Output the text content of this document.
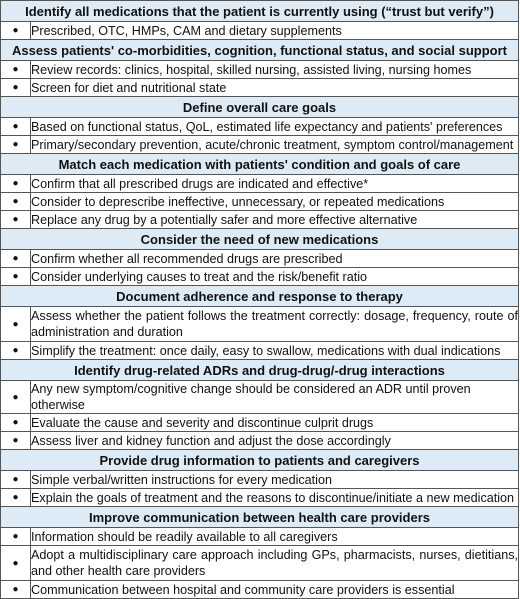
Identify all medications that the patient is currently using (“trust but verify”)	
●	Prescribed, OTC, HMPs, CAM and dietary supplements
Assess patients' co-morbidities, cognition, functional status, and social support	
●	Review records: clinics, hospital, skilled nursing, assisted living, nursing homes
●	Screen for diet and nutritional state
Define overall care goals	
●	Based on functional status, QoL, estimated life expectancy and patients' preferences
●	Primary/secondary prevention, acute/chronic treatment, symptom control/management
Match each medication with patients' condition and goals of care	
●	Confirm that all prescribed drugs are indicated and effective*
●	Consider to deprescribe ineffective, unnecessary, or repeated medications
●	Replace any drug by a potentially safer and more effective alternative
Consider the need of new medications	
●	Confirm whether all recommended drugs are prescribed
●	Consider underlying causes to treat and the risk/benefit ratio
Document adherence and response to therapy	
●	Assess whether the patient follows the treatment correctly: dosage, frequency, route of administration and duration
●	Simplify the treatment: once daily, easy to swallow, medications with dual indications
Identify drug-related ADRs and drug-drug/-drug interactions	
●	Any new symptom/cognitive change should be considered an ADR until proven otherwise
●	Evaluate the cause and severity and discontinue culprit drugs
●	Assess liver and kidney function and adjust the dose accordingly
Provide drug information to patients and caregivers	
●	Simple verbal/written instructions for every medication
●	Explain the goals of treatment and the reasons to discontinue/initiate a new medication
Improve communication between health care providers	
●	Information should be readily available to all caregivers
●	Adopt a multidisciplinary care approach including GPs, pharmacists, nurses, dietitians, and other health care providers
●	Communication between hospital and community care providers is essential
